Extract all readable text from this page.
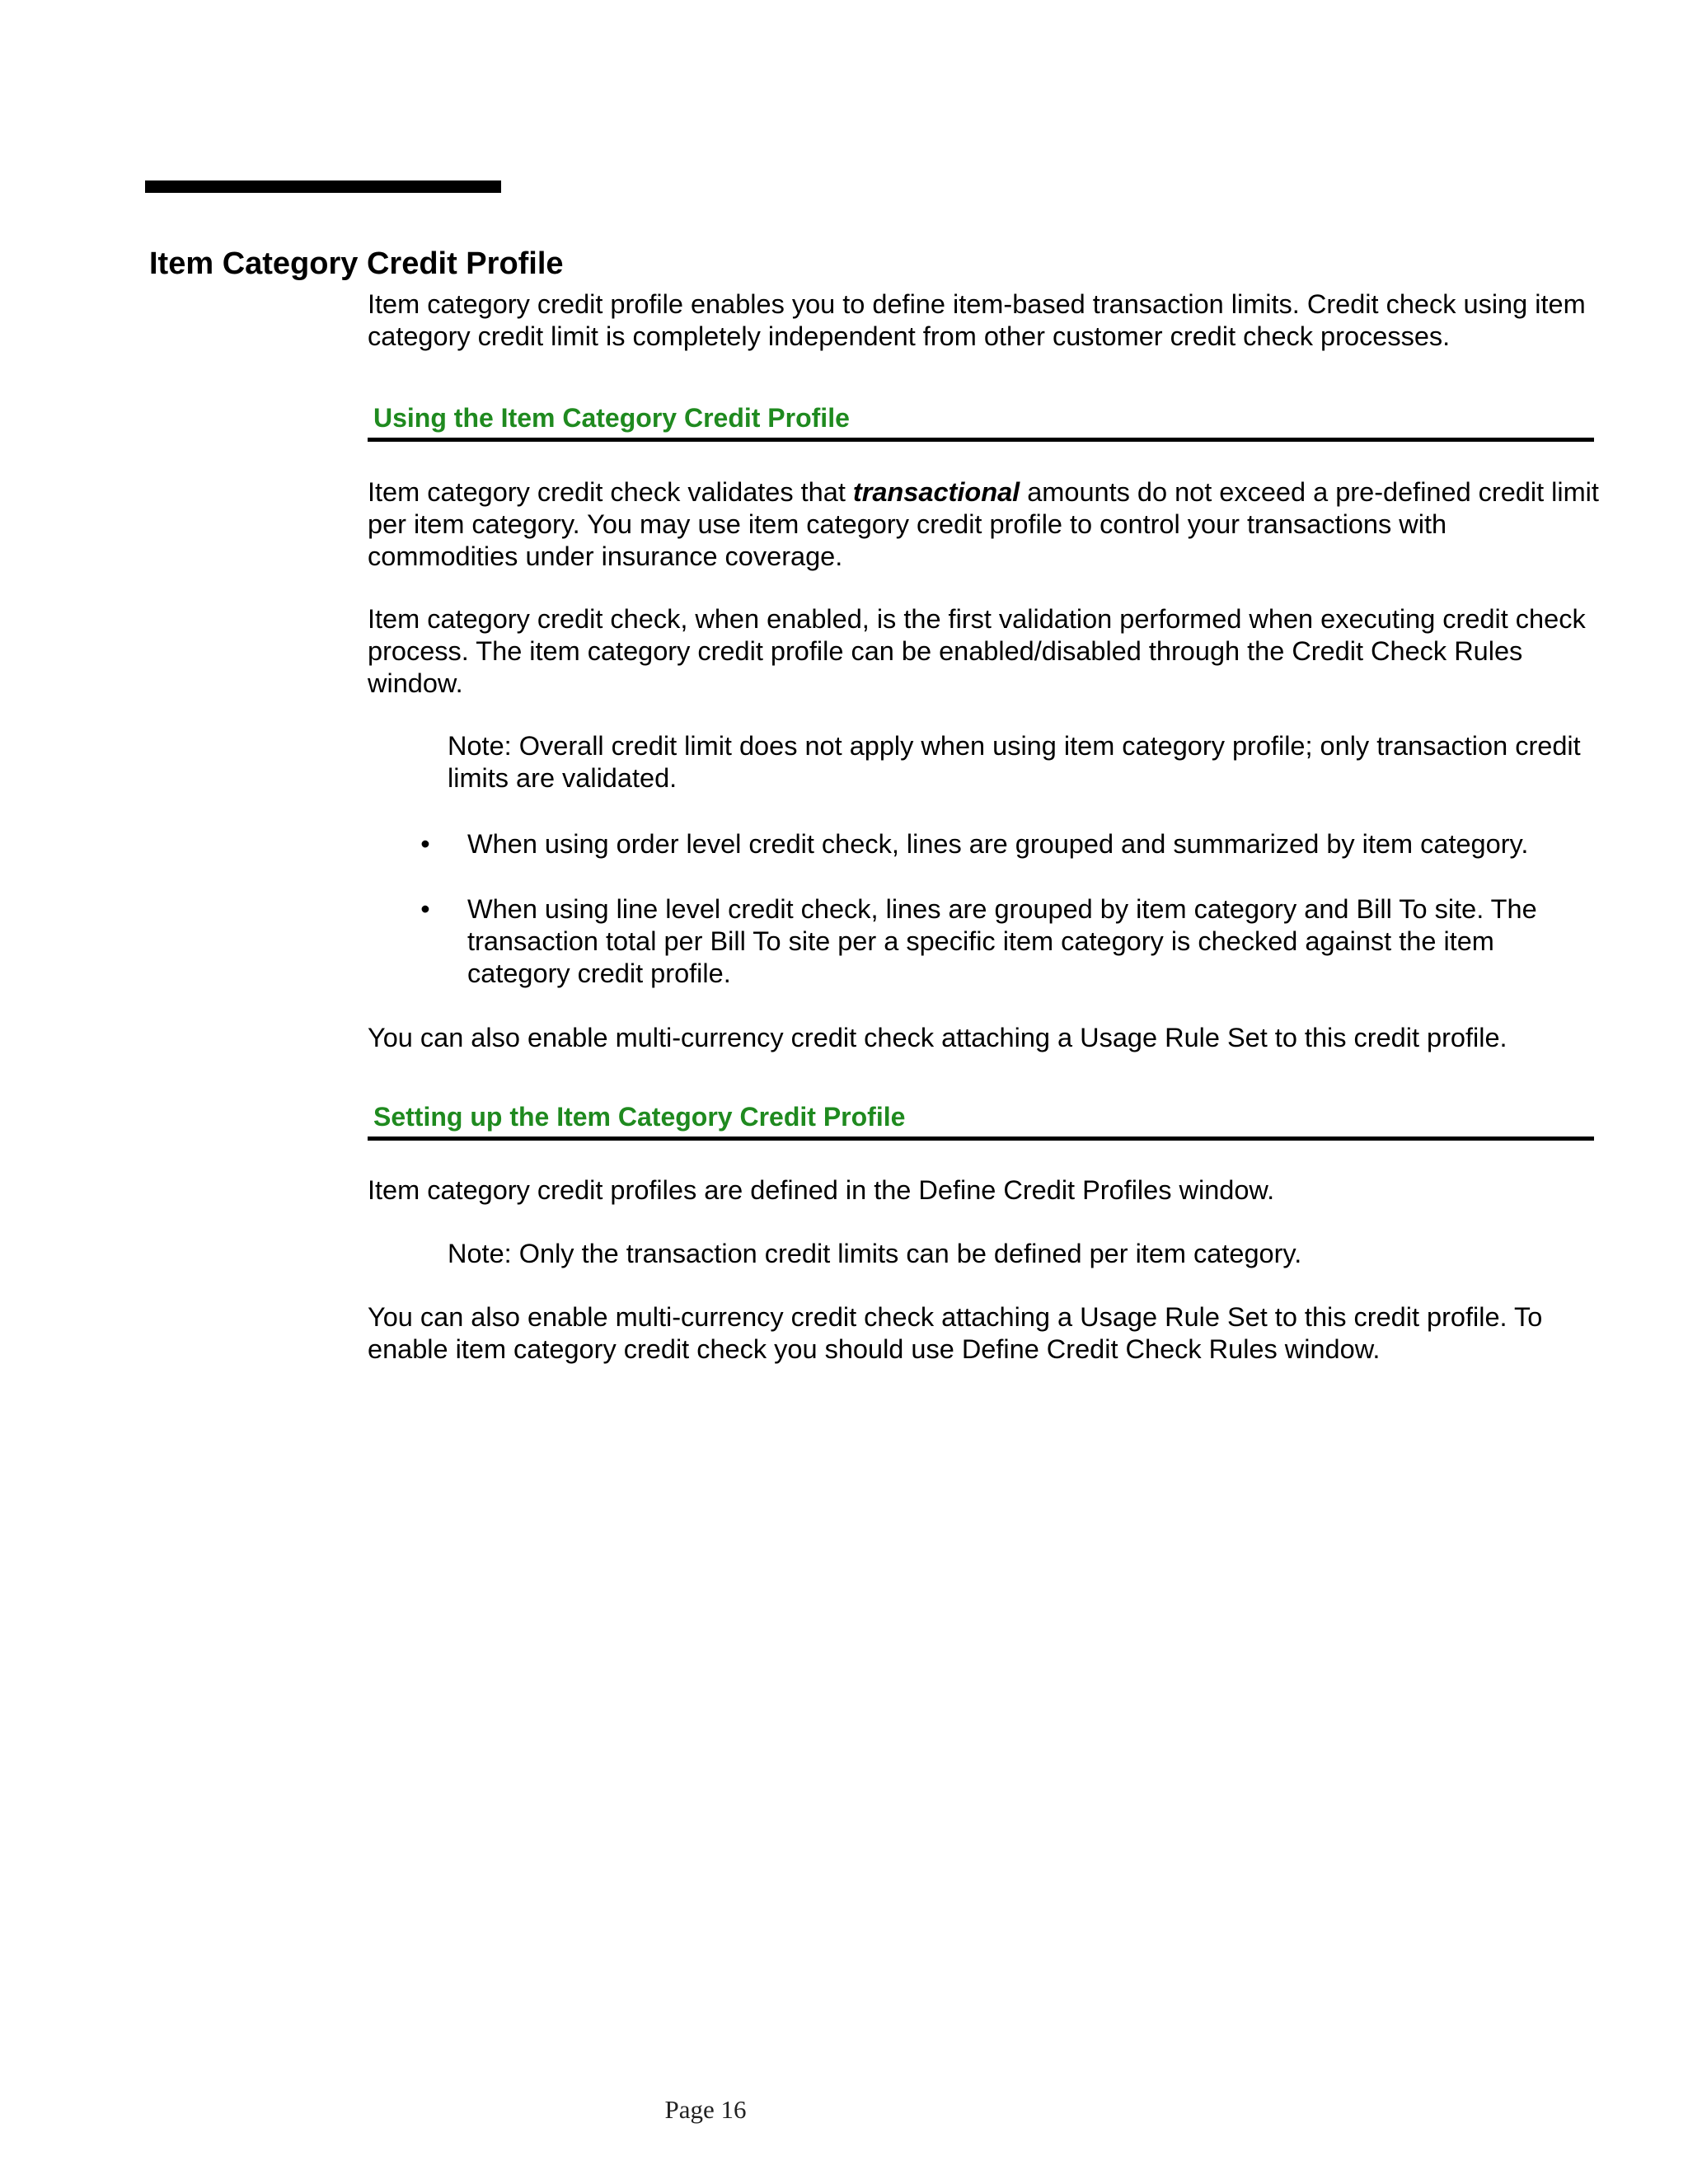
Item Category Credit Profile

Item category credit profile enables you to define item-based transaction limits. Credit check using item category credit limit is completely independent from other customer credit check processes.

Using the Item Category Credit Profile

Item category credit check validates that transactional amounts do not exceed a pre-defined credit limit per item category. You may use item category credit profile to control your transactions with commodities under insurance coverage.

Item category credit check, when enabled, is the first validation performed when executing credit check process. The item category credit profile can be enabled/disabled through the Credit Check Rules window.

Note: Overall credit limit does not apply when using item category profile; only transaction credit limits are validated.

• When using order level credit check, lines are grouped and summarized by item category.
• When using line level credit check, lines are grouped by item category and Bill To site. The transaction total per Bill To site per a specific item category is checked against the item category credit profile.

You can also enable multi-currency credit check attaching a Usage Rule Set to this credit profile.

Setting up the Item Category Credit Profile

Item category credit profiles are defined in the Define Credit Profiles window.

Note: Only the transaction credit limits can be defined per item category.

You can also enable multi-currency credit check attaching a Usage Rule Set to this credit profile. To enable item category credit check you should use Define Credit Check Rules window.

Page 16
